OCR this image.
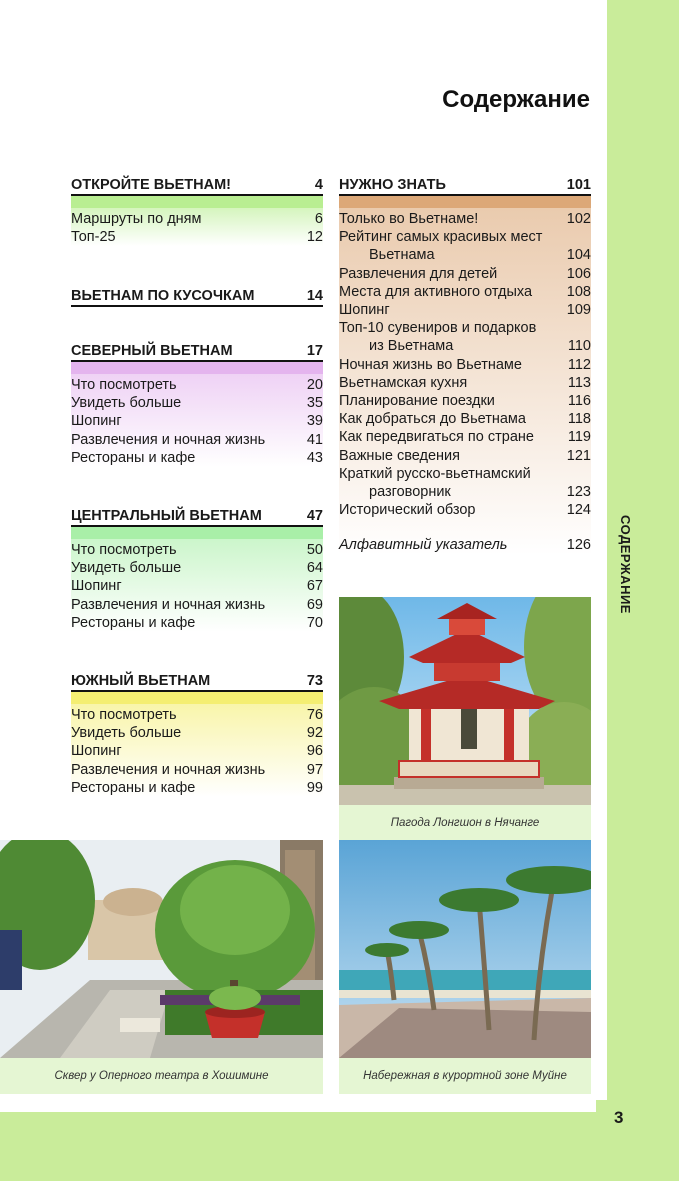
СОДЕРЖАНИЕ
3
Содержание
ОТКРОЙТЕ ВЬЕТНАМ!	4
Маршруты по дням	6
Топ-25	12
ВЬЕТНАМ ПО КУСОЧКАМ	14
СЕВЕРНЫЙ ВЬЕТНАМ	17
Что посмотреть	20
Увидеть больше	35
Шопинг	39
Развлечения и ночная жизнь	41
Рестораны и кафе	43
ЦЕНТРАЛЬНЫЙ ВЬЕТНАМ	47
Что посмотреть	50
Увидеть больше	64
Шопинг	67
Развлечения и ночная жизнь	69
Рестораны и кафе	70
ЮЖНЫЙ ВЬЕТНАМ	73
Что посмотреть	76
Увидеть больше	92
Шопинг	96
Развлечения и ночная жизнь	97
Рестораны и кафе	99
НУЖНО ЗНАТЬ	101
Только во Вьетнаме!	102
Рейтинг самых красивых мест
Вьетнама	104
Развлечения для детей	106
Места для активного отдыха 108
Шопинг	109
Топ-10 сувениров и подарков
из Вьетнама	110
Ночная жизнь во Вьетнаме	112
Вьетнамская кухня	113
Планирование поездки	116
Как добраться до Вьетнама	118
Как передвигаться по стране 119
Важные сведения	121
Краткий русско-вьетнамский
разговорник	123
Исторический обзор	124
Алфавитный указатель	126
Пагода Лонгшон в Нячанге
Сквер у Оперного театра в Хошимине	Набережная в курортной зоне Муйне
